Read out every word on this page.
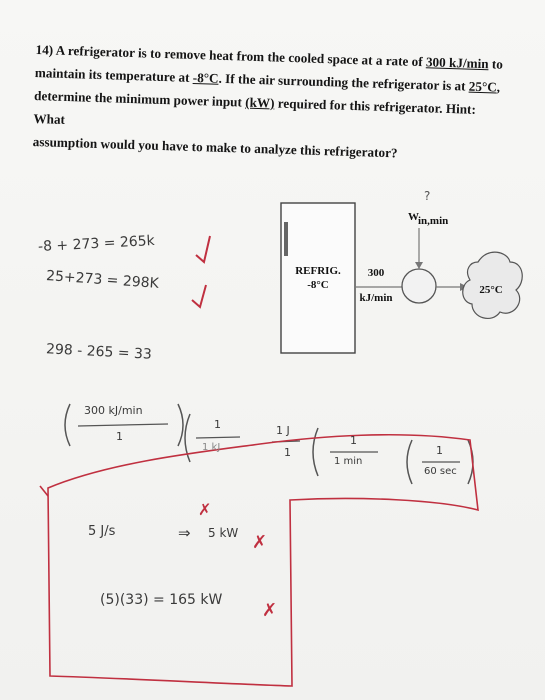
14) A refrigerator is to remove heat from the cooled space at a rate of 300 kJ/min to
maintain its temperature at -8°C. If the air surrounding the refrigerator is at 25°C,
determine the minimum power input (kW) required for this refrigerator. Hint: What
assumption would you have to make to analyze this refrigerator?
REFRIG.
-8°C
300
kJ/min
?
W in,min
25°C
-8 + 273 = 265k
25+273 = 298K
298 - 265 = 33
300 kJ/min
1
1
1 kJ
1 J
1
1
1 min
1
60 sec
5 J/s	⇒ 5 kW
(5)(33) = 165 kW
✗
✗
✗
